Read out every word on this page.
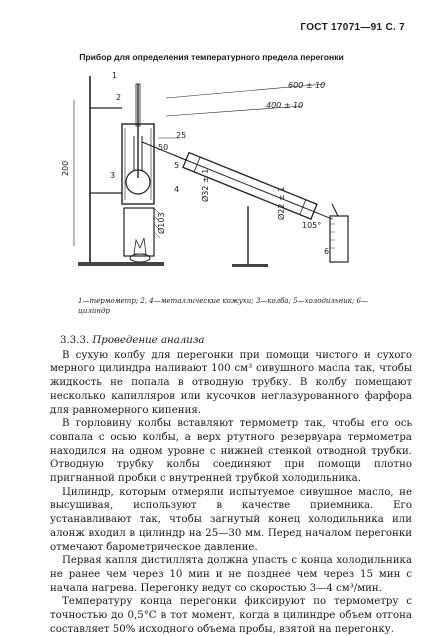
ГОСТ 17071—91 С. 7
Прибор для определения температурного предела перегонки
1
2
3
4
5
6
600 ± 10
400 ± 10
25
200
50
Ø103
Ø32 ± 1
105°
Ø22 ± 1
1—термометр; 2, 4—металлические кожухи; 3—колба; 5—холодильник; 6—цилиндр

3.3.3. Проведение анализа

В сухую колбу для перегонки при помощи чистого и сухого мерного цилиндра наливают 100 см³ сивушного масла так, чтобы жидкость не попала в отводную трубку. В колбу помещают несколько капилляров или кусочков неглазурованного фарфора для равномерного кипения.

В горловину колбы вставляют термометр так, чтобы его ось совпала с осью колбы, а верх ртутного резервуара термометра находился на одном уровне с нижней стенкой отводной трубки. Отводную трубку колбы соединяют при помощи плотно пригнанной пробки с внутренней трубкой холодильника.

Цилиндр, которым отмеряли испытуемое сивушное масло, не высушивая, используют в качестве приемника. Его устанавливают так, чтобы загнутый конец холодильника или алонж входил в цилиндр на 25—30 мм. Перед началом перегонки отмечают барометрическое давление.

Первая капля дистиллята должна упасть с конца холодильника не ранее чем через 10 мин и не позднее чем через 15 мин с начала нагрева. Перегонку ведут со скоростью 3—4 см³/мин.

Температуру конца перегонки фиксируют по термометру с точностью до 0,5°С в тот момент, когда в цилиндре объем отгона составляет 50% исходного объема пробы, взятой на перегонку.
